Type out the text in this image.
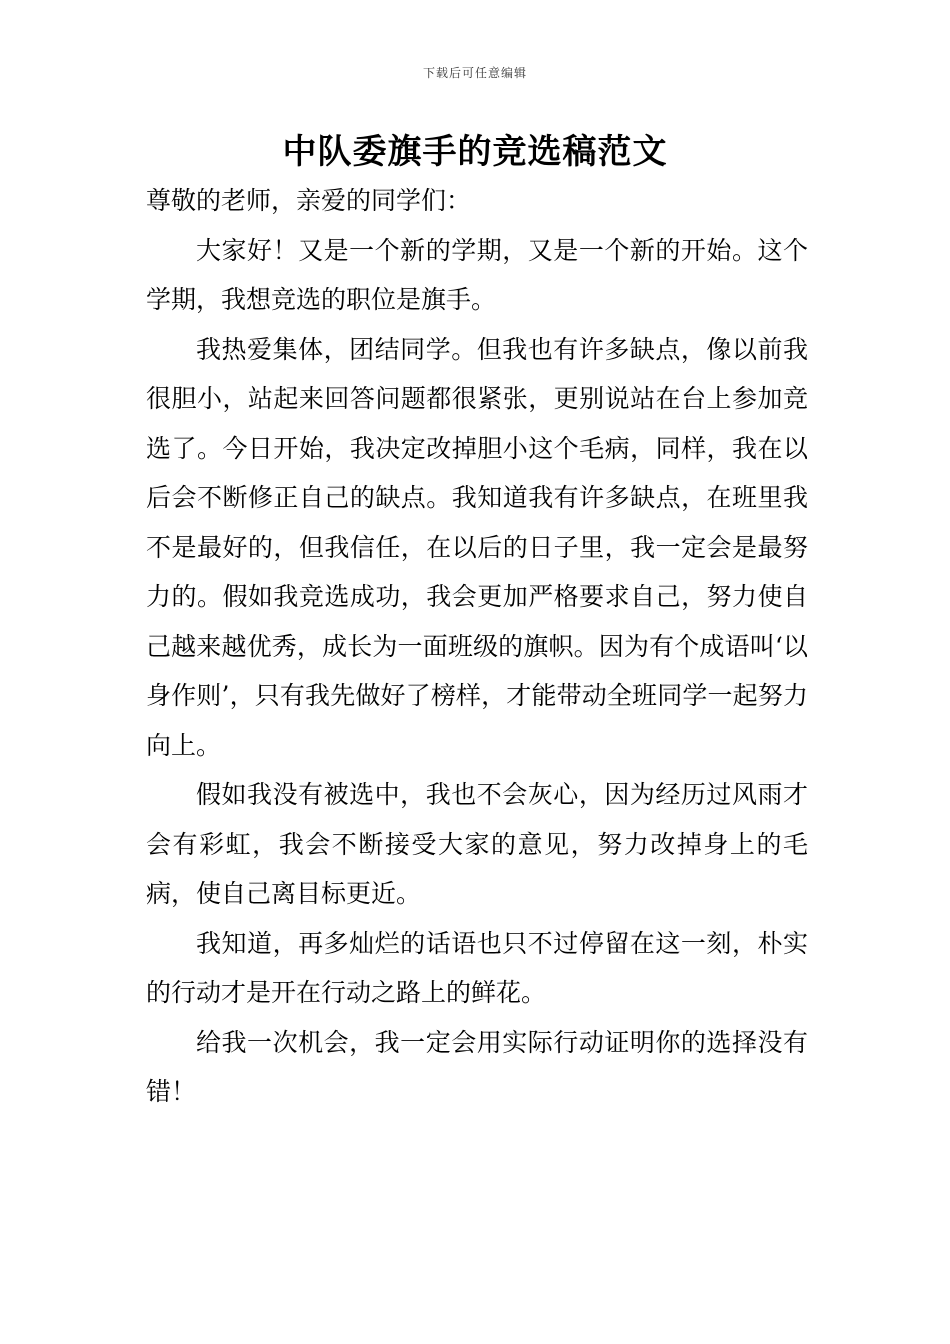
下载后可任意编辑
中队委旗手的竞选稿范文

尊敬的老师，亲爱的同学们：

大家好！又是一个新的学期，又是一个新的开始。这个学期，我想竞选的职位是旗手。

我热爱集体，团结同学。但我也有许多缺点，像以前我很胆小，站起来回答问题都很紧张，更别说站在台上参加竞选了。今日开始，我决定改掉胆小这个毛病，同样，我在以后会不断修正自己的缺点。我知道我有许多缺点，在班里我不是最好的，但我信任，在以后的日子里，我一定会是最努力的。假如我竞选成功，我会更加严格要求自己，努力使自己越来越优秀，成长为一面班级的旗帜。因为有个成语叫‘以身作则’，只有我先做好了榜样，才能带动全班同学一起努力向上。

假如我没有被选中，我也不会灰心，因为经历过风雨才会有彩虹，我会不断接受大家的意见，努力改掉身上的毛病，使自己离目标更近。

我知道，再多灿烂的话语也只不过停留在这一刻，朴实的行动才是开在行动之路上的鲜花。

给我一次机会，我一定会用实际行动证明你的选择没有错！
